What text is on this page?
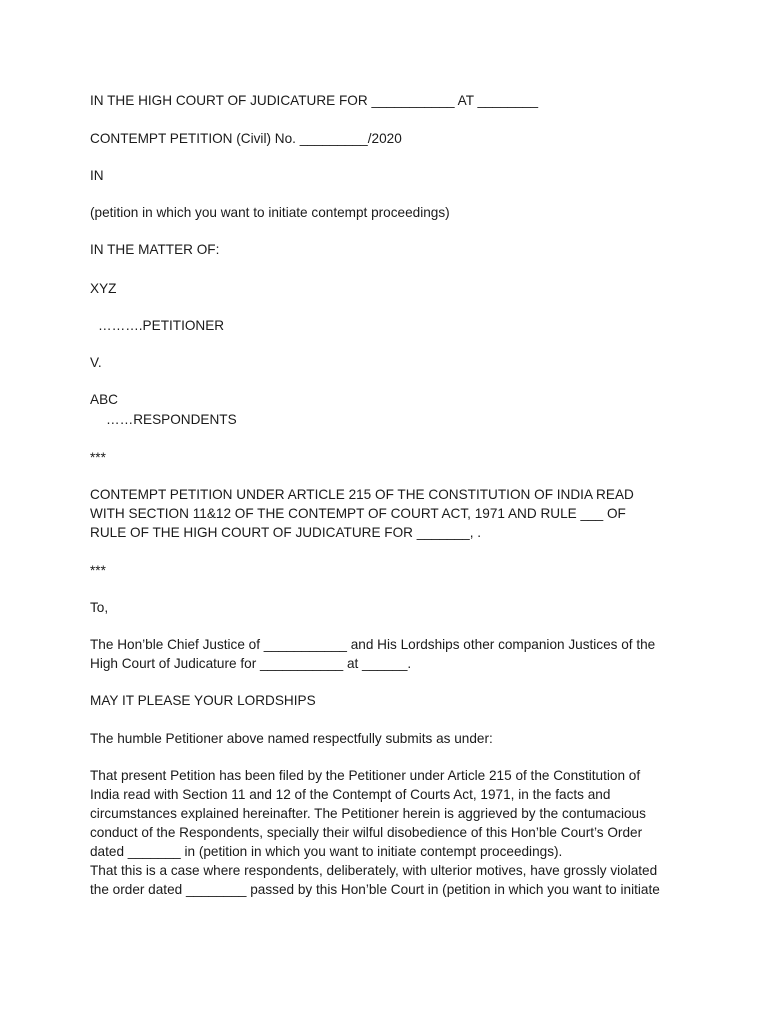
IN THE HIGH COURT OF JUDICATURE FOR ___________ AT ________
CONTEMPT PETITION (Civil) No. _________/2020
IN
(petition in which you want to initiate contempt proceedings)
IN THE MATTER OF:
XYZ
……….PETITIONER
V.
ABC
……RESPONDENTS
***
CONTEMPT PETITION UNDER ARTICLE 215 OF THE CONSTITUTION OF INDIA READ
WITH SECTION 11&12 OF THE CONTEMPT OF COURT ACT, 1971 AND RULE ___ OF
RULE OF THE HIGH COURT OF JUDICATURE FOR _______, .
***
To,
The Hon’ble Chief Justice of ___________ and His Lordships other companion Justices of the
High Court of Judicature for ___________ at ______.
MAY IT PLEASE YOUR LORDSHIPS
The humble Petitioner above named respectfully submits as under:
That present Petition has been filed by the Petitioner under Article 215 of the Constitution of
India read with Section 11 and 12 of the Contempt of Courts Act, 1971, in the facts and
circumstances explained hereinafter. The Petitioner herein is aggrieved by the contumacious
conduct of the Respondents, specially their wilful disobedience of this Hon’ble Court’s Order
dated _______ in (petition in which you want to initiate contempt proceedings).
That this is a case where respondents, deliberately, with ulterior motives, have grossly violated
the order dated ________ passed by this Hon’ble Court in (petition in which you want to initiate
